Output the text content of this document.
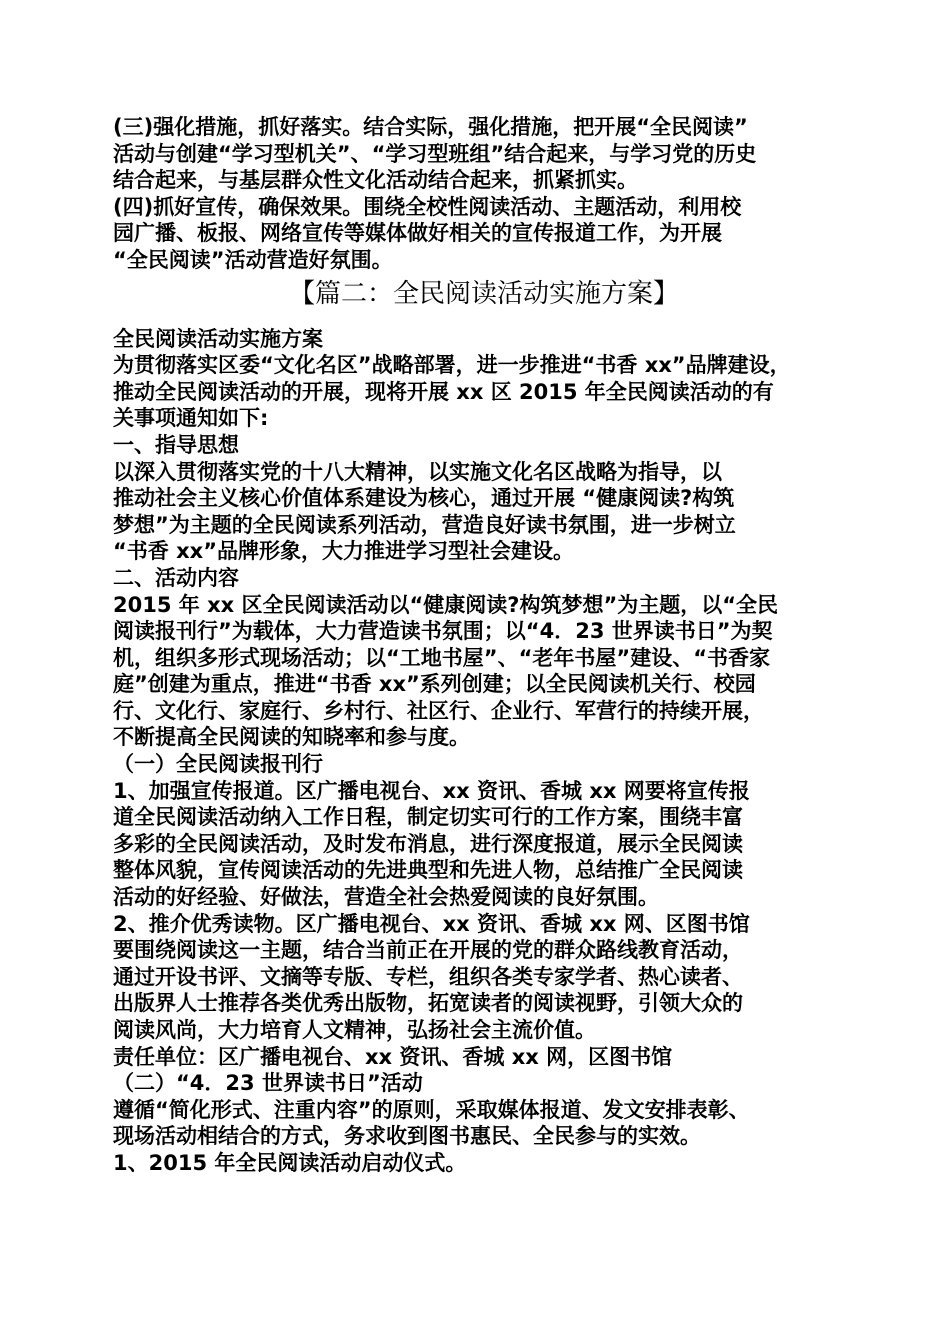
(三)强化措施，抓好落实。结合实际，强化措施，把开展“全民阅读”
活动与创建“学习型机关”、“学习型班组”结合起来，与学习党的历史
结合起来，与基层群众性文化活动结合起来，抓紧抓实。
(四)抓好宣传，确保效果。围绕全校性阅读活动、主题活动，利用校
园广播、板报、网络宣传等媒体做好相关的宣传报道工作，为开展
“全民阅读”活动营造好氛围。
【篇二：全民阅读活动实施方案】
全民阅读活动实施方案
为贯彻落实区委“文化名区”战略部署，进一步推进“书香 xx”品牌建设，
推动全民阅读活动的开展，现将开展 xx 区 2015 年全民阅读活动的有
关事项通知如下:
一、指导思想
以深入贯彻落实党的十八大精神，以实施文化名区战略为指导，以
推动社会主义核心价值体系建设为核心，通过开展 “健康阅读?构筑
梦想”为主题的全民阅读系列活动，营造良好读书氛围，进一步树立
“书香 xx”品牌形象，大力推进学习型社会建设。
二、活动内容
2015 年 xx 区全民阅读活动以“健康阅读?构筑梦想”为主题，以“全民
阅读报刊行”为载体，大力营造读书氛围；以“4．23 世界读书日”为契
机，组织多形式现场活动；以“工地书屋”、“老年书屋”建设、“书香家
庭”创建为重点，推进“书香 xx”系列创建；以全民阅读机关行、校园
行、文化行、家庭行、乡村行、社区行、企业行、军营行的持续开展，
不断提高全民阅读的知晓率和参与度。
（一）全民阅读报刊行
1、加强宣传报道。区广播电视台、xx 资讯、香城 xx 网要将宣传报
道全民阅读活动纳入工作日程，制定切实可行的工作方案，围绕丰富
多彩的全民阅读活动，及时发布消息，进行深度报道，展示全民阅读
整体风貌，宣传阅读活动的先进典型和先进人物，总结推广全民阅读
活动的好经验、好做法，营造全社会热爱阅读的良好氛围。
2、推介优秀读物。区广播电视台、xx 资讯、香城 xx 网、区图书馆
要围绕阅读这一主题，结合当前正在开展的党的群众路线教育活动，
通过开设书评、文摘等专版、专栏，组织各类专家学者、热心读者、
出版界人士推荐各类优秀出版物，拓宽读者的阅读视野，引领大众的
阅读风尚，大力培育人文精神，弘扬社会主流价值。
责任单位：区广播电视台、xx 资讯、香城 xx 网，区图书馆
（二）“4．23 世界读书日”活动
遵循“简化形式、注重内容”的原则，采取媒体报道、发文安排表彰、
现场活动相结合的方式，务求收到图书惠民、全民参与的实效。
1、2015 年全民阅读活动启动仪式。
